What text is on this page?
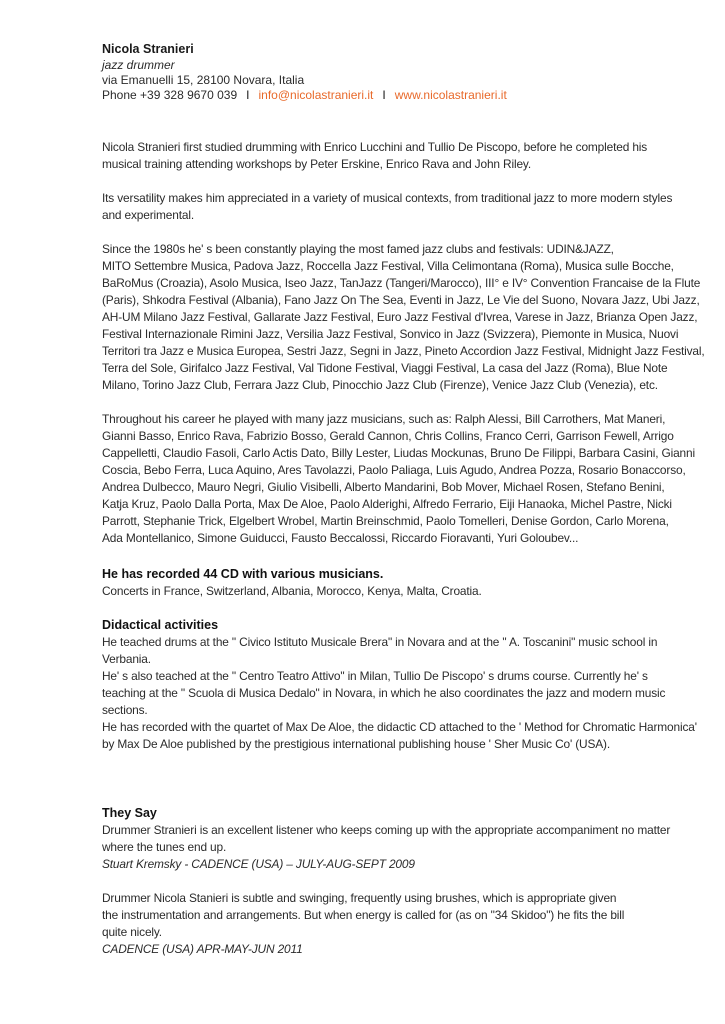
Nicola Stranieri
jazz drummer
via Emanuelli 15, 28100 Novara, Italia
Phone +39 328 9670 039 I info@nicolastranieri.it I www.nicolastranieri.it
Nicola Stranieri first studied drumming with Enrico Lucchini and Tullio De Piscopo, before he completed his
musical training attending workshops by Peter Erskine, Enrico Rava and John Riley.
Its versatility makes him appreciated in a variety of musical contexts, from traditional jazz to more modern styles
and experimental.
Since the 1980s he' s been constantly playing the most famed jazz clubs and festivals: UDIN&JAZZ,
MITO Settembre Musica, Padova Jazz, Roccella Jazz Festival, Villa Celimontana (Roma), Musica sulle Bocche,
BaRoMus (Croazia), Asolo Musica, Iseo Jazz, TanJazz (Tangeri/Marocco), III° e IV° Convention Francaise de la Flute
(Paris), Shkodra Festival (Albania), Fano Jazz On The Sea, Eventi in Jazz, Le Vie del Suono, Novara Jazz, Ubi Jazz,
AH-UM Milano Jazz Festival, Gallarate Jazz Festival, Euro Jazz Festival d'Ivrea, Varese in Jazz, Brianza Open Jazz,
Festival Internazionale Rimini Jazz, Versilia Jazz Festival, Sonvico in Jazz (Svizzera), Piemonte in Musica, Nuovi
Territori tra Jazz e Musica Europea, Sestri Jazz, Segni in Jazz, Pineto Accordion Jazz Festival, Midnight Jazz Festival,
Terra del Sole, Girifalco Jazz Festival, Val Tidone Festival, Viaggi Festival, La casa del Jazz (Roma), Blue Note
Milano, Torino Jazz Club, Ferrara Jazz Club, Pinocchio Jazz Club (Firenze), Venice Jazz Club (Venezia), etc.
Throughout his career he played with many jazz musicians, such as: Ralph Alessi, Bill Carrothers, Mat Maneri,
Gianni Basso, Enrico Rava, Fabrizio Bosso, Gerald Cannon, Chris Collins, Franco Cerri, Garrison Fewell, Arrigo
Cappelletti, Claudio Fasoli, Carlo Actis Dato, Billy Lester, Liudas Mockunas, Bruno De Filippi, Barbara Casini, Gianni
Coscia, Bebo Ferra, Luca Aquino, Ares Tavolazzi, Paolo Paliaga, Luis Agudo, Andrea Pozza, Rosario Bonaccorso,
Andrea Dulbecco, Mauro Negri, Giulio Visibelli, Alberto Mandarini, Bob Mover, Michael Rosen, Stefano Benini,
Katja Kruz, Paolo Dalla Porta, Max De Aloe, Paolo Alderighi, Alfredo Ferrario, Eiji Hanaoka, Michel Pastre, Nicki
Parrott, Stephanie Trick, Elgelbert Wrobel, Martin Breinschmid, Paolo Tomelleri, Denise Gordon, Carlo Morena,
Ada Montellanico, Simone Guiducci, Fausto Beccalossi, Riccardo Fioravanti, Yuri Goloubev...
He has recorded 44 CD with various musicians.
Concerts in France, Switzerland, Albania, Morocco, Kenya, Malta, Croatia.
Didactical activities
He teached drums at the " Civico Istituto Musicale Brera" in Novara and at the " A. Toscanini" music school in
Verbania.
He' s also teached at the " Centro Teatro Attivo" in Milan, Tullio De Piscopo' s drums course. Currently he' s
teaching at the " Scuola di Musica Dedalo" in Novara, in which he also coordinates the jazz and modern music
sections.
He has recorded with the quartet of Max De Aloe, the didactic CD attached to the ' Method for Chromatic Harmonica'
by Max De Aloe published by the prestigious international publishing house ' Sher Music Co' (USA).
They Say
Drummer Stranieri is an excellent listener who keeps coming up with the appropriate accompaniment no matter
where the tunes end up.
Stuart Kremsky - CADENCE (USA) – JULY-AUG-SEPT 2009
Drummer Nicola Stanieri is subtle and swinging, frequently using brushes, which is appropriate given
the instrumentation and arrangements. But when energy is called for (as on "34 Skidoo") he fits the bill
quite nicely.
CADENCE (USA) APR-MAY-JUN 2011
